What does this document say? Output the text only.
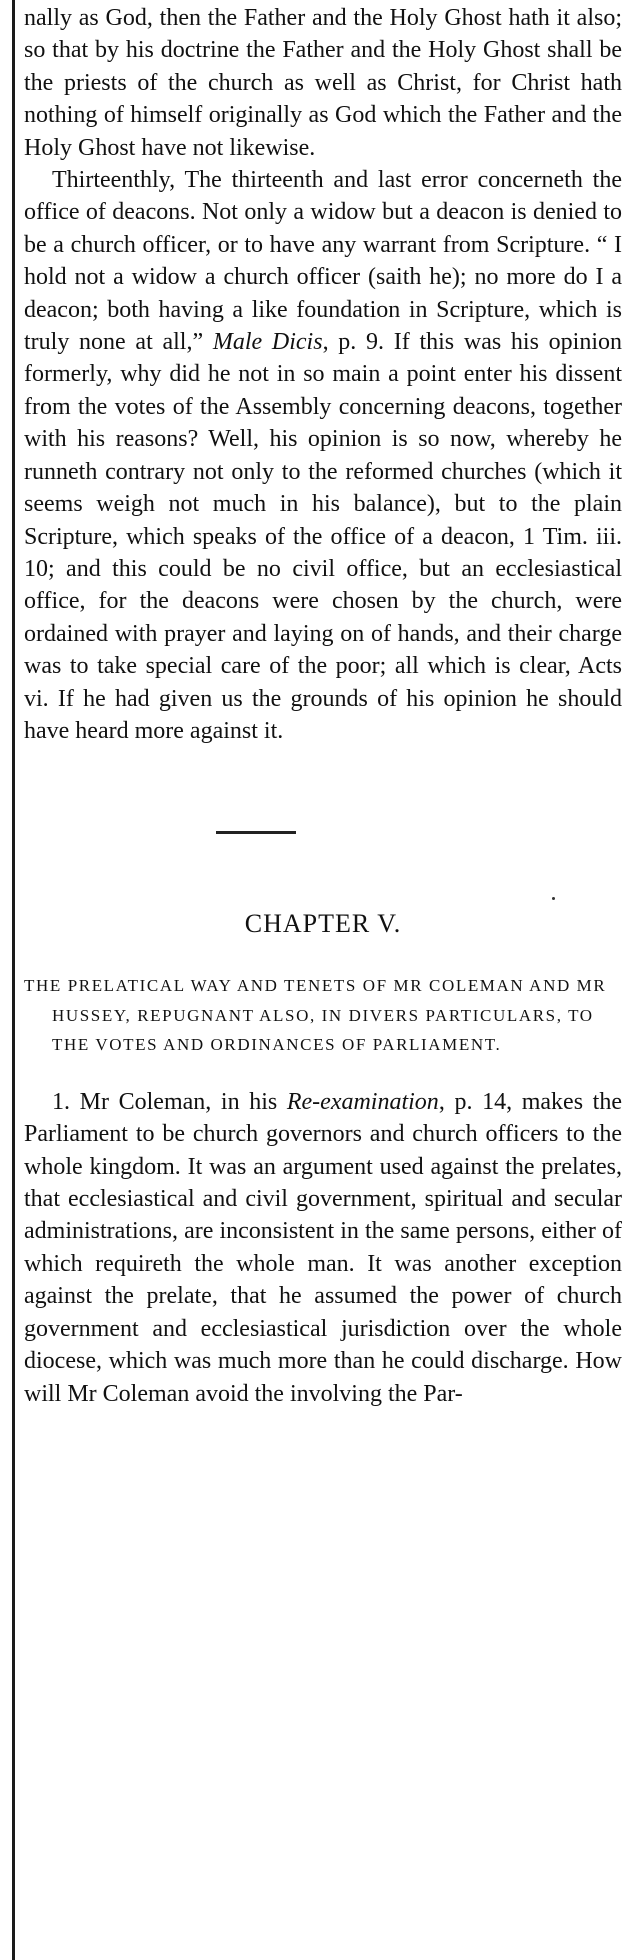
nally as God, then the Father and the Holy Ghost hath it also; so that by his doctrine the Father and the Holy Ghost shall be the priests of the church as well as Christ, for Christ hath nothing of himself originally as God which the Father and the Holy Ghost have not likewise.

Thirteenthly, The thirteenth and last error concerneth the office of deacons. Not only a widow but a deacon is denied to be a church officer, or to have any warrant from Scripture. “ I hold not a widow a church officer (saith he); no more do I a deacon; both having a like foundation in Scripture, which is truly none at all,” Male Dicis, p. 9. If this was his opinion formerly, why did he not in so main a point enter his dissent from the votes of the Assembly concerning deacons, together with his reasons? Well, his opinion is so now, whereby he runneth contrary not only to the reformed churches (which it seems weigh not much in his balance), but to the plain Scripture, which speaks of the office of a deacon, 1 Tim. iii. 10; and this could be no civil office, but an ecclesiastical office, for the deacons were chosen by the church, were ordained with prayer and laying on of hands, and their charge was to take special care of the poor; all which is clear, Acts vi. If he had given us the grounds of his opinion he should have heard more against it.

CHAPTER V.
THE PRELATICAL WAY AND TENETS OF MR COLEMAN AND MR HUSSEY, REPUGNANT ALSO, IN DIVERS PARTICULARS, TO THE VOTES AND ORDINANCES OF PARLIAMENT.

1. Mr Coleman, in his Re-examination, p. 14, makes the Parliament to be church governors and church officers to the whole kingdom. It was an argument used against the prelates, that ecclesiastical and civil government, spiritual and secular administrations, are inconsistent in the same persons, either of which requireth the whole man. It was another exception against the prelate, that he assumed the power of church government and ecclesiastical jurisdiction over the whole diocese, which was much more than he could discharge. How will Mr Coleman avoid the involving the Par-
